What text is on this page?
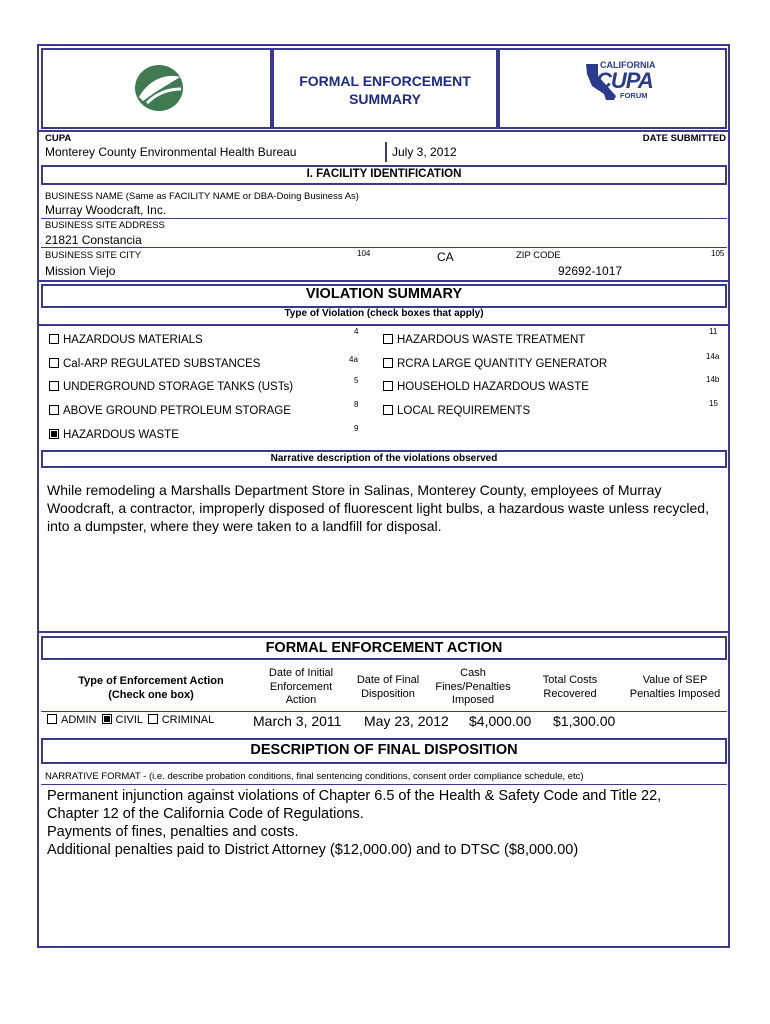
FORMAL ENFORCEMENT
SUMMARY
CALIFORNIA
CUPA
FORUM
CUPA	DATE SUBMITTED
Monterey County Environmental Health Bureau	July 3, 2012
I. FACILITY IDENTIFICATION
BUSINESS NAME (Same as FACILITY NAME or DBA-Doing Business As)
Murray Woodcraft, Inc.
BUSINESS SITE ADDRESS
21821 Constancia
BUSINESS SITE CITY	104
Mission Viejo
CA	ZIP CODE	105
92692-1017
VIOLATION SUMMARY
Type of Violation (check boxes that apply)
HAZARDOUS MATERIALS
4
Cal-ARP REGULATED SUBSTANCES	4a
UNDERGROUND STORAGE TANKS (USTs)
5
ABOVE GROUND PETROLEUM STORAGE
8
HAZARDOUS WASTE
9
HAZARDOUS WASTE TREATMENT
11
RCRA LARGE QUANTITY GENERATOR
14a
HOUSEHOLD HAZARDOUS WASTE
14b
LOCAL REQUIREMENTS
15
Narrative description of the violations observed
While remodeling a Marshalls Department Store in Salinas, Monterey County, employees of Murray Woodcraft, a contractor, improperly disposed of fluorescent light bulbs, a hazardous waste unless recycled, into a dumpster, where they were taken to a landfill for disposal.
FORMAL ENFORCEMENT ACTION
Type of Enforcement Action
(Check one box)
Date of Initial Enforcement Action
Date of Final Disposition
Cash Fines/Penalties Imposed
Total Costs Recovered
Value of SEP Penalties Imposed
ADMIN CIVIL CRIMINAL	March 3, 2011 May 23, 2012 $4,000.00 $1,300.00
DESCRIPTION OF FINAL DISPOSITION
NARRATIVE FORMAT - (i.e. describe probation conditions, final sentencing conditions, consent order compliance schedule, etc)
Permanent injunction against violations of Chapter 6.5 of the Health & Safety Code and Title 22,
Chapter 12 of the California Code of Regulations.
Payments of fines, penalties and costs.
Additional penalties paid to District Attorney ($12,000.00) and to DTSC ($8,000.00)
